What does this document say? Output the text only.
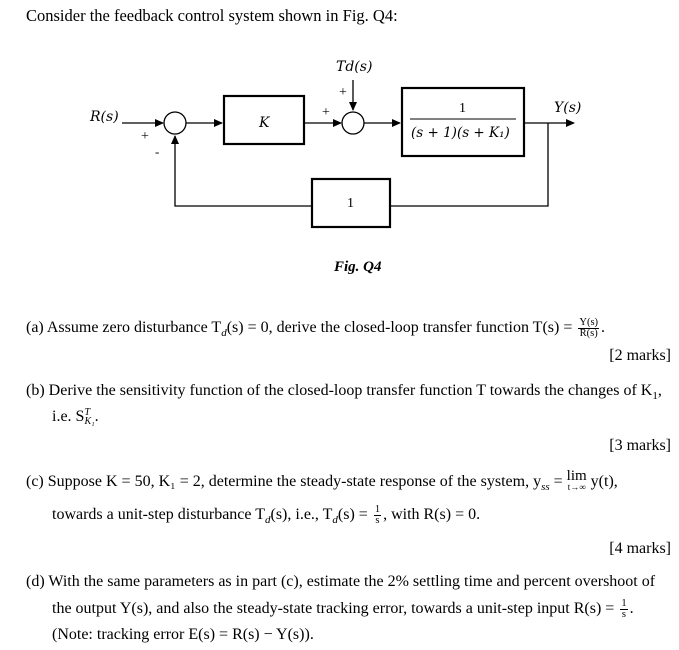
Consider the feedback control system shown in Fig. Q4:
R(s)
Y(s)
Td(s)
K
(s + 1)(s + K₁)
1
1
+
-
+
+
Fig. Q4
(a) Assume zero disturbance $T_d(s) = 0$, derive the closed-loop transfer function $T(s) = \frac{Y(s)}{R(s)}$ .
[2 marks]
(b) Derive the sensitivity function of the closed-loop transfer function T towards the changes of $K_1$,
i.e. S T
K₁ .
[3 marks]
(c) Suppose K = 50, K₁ = 2, determine the steady-state response of the system, $y_{ss} = \lim$
t→∞ y(t),
towards a unit-step disturbance $T_d(s)$, i.e., $T_d(s) = \frac{1}{s}$ , with R(s) = 0.
[4 marks]
(d) With the same parameters as in part (c), estimate the 2% settling time and percent overshoot of
the output Y(s), and also the steady-state tracking error, towards a unit-step input $R(s) = \frac{1}{s}$ .
(Note: tracking error E(s) = R(s) − Y(s)).
